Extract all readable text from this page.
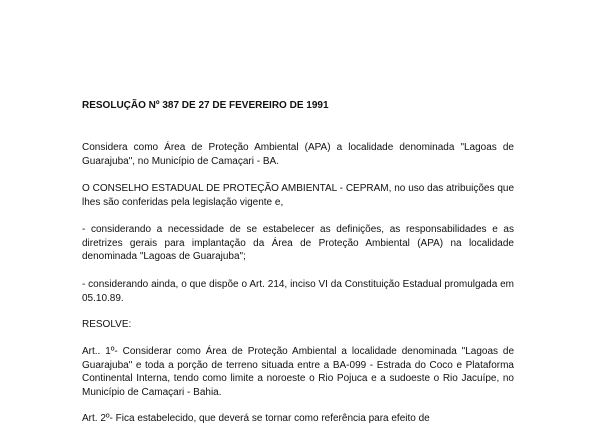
RESOLUÇÃO Nº 387 DE 27 DE FEVEREIRO DE 1991

Considera como Área de Proteção Ambiental (APA) a localidade denominada "Lagoas de Guarajuba", no Município de Camaçari - BA.

O CONSELHO ESTADUAL DE PROTEÇÃO AMBIENTAL - CEPRAM, no uso das atribuições que lhes são conferidas pela legislação vigente e,

- considerando a necessidade de se estabelecer as definições, as responsabilidades e as diretrizes gerais para implantação da Área de Proteção Ambiental (APA) na localidade denominada "Lagoas de Guarajuba";

- considerando ainda, o que dispõe o Art. 214, inciso VI da Constituição Estadual promulgada em 05.10.89.

RESOLVE:

Art.. 1º- Considerar como Área de Proteção Ambiental a localidade denominada "Lagoas de Guarajuba" e toda a porção de terreno situada entre a BA-099 - Estrada do Coco e Plataforma Continental Interna, tendo como limite a noroeste o Rio Pojuca e a sudoeste o Rio Jacuípe, no Município de Camaçari - Bahia.

Art. 2º- Fica estabelecido, que deverá se tornar como referência para efeito de
